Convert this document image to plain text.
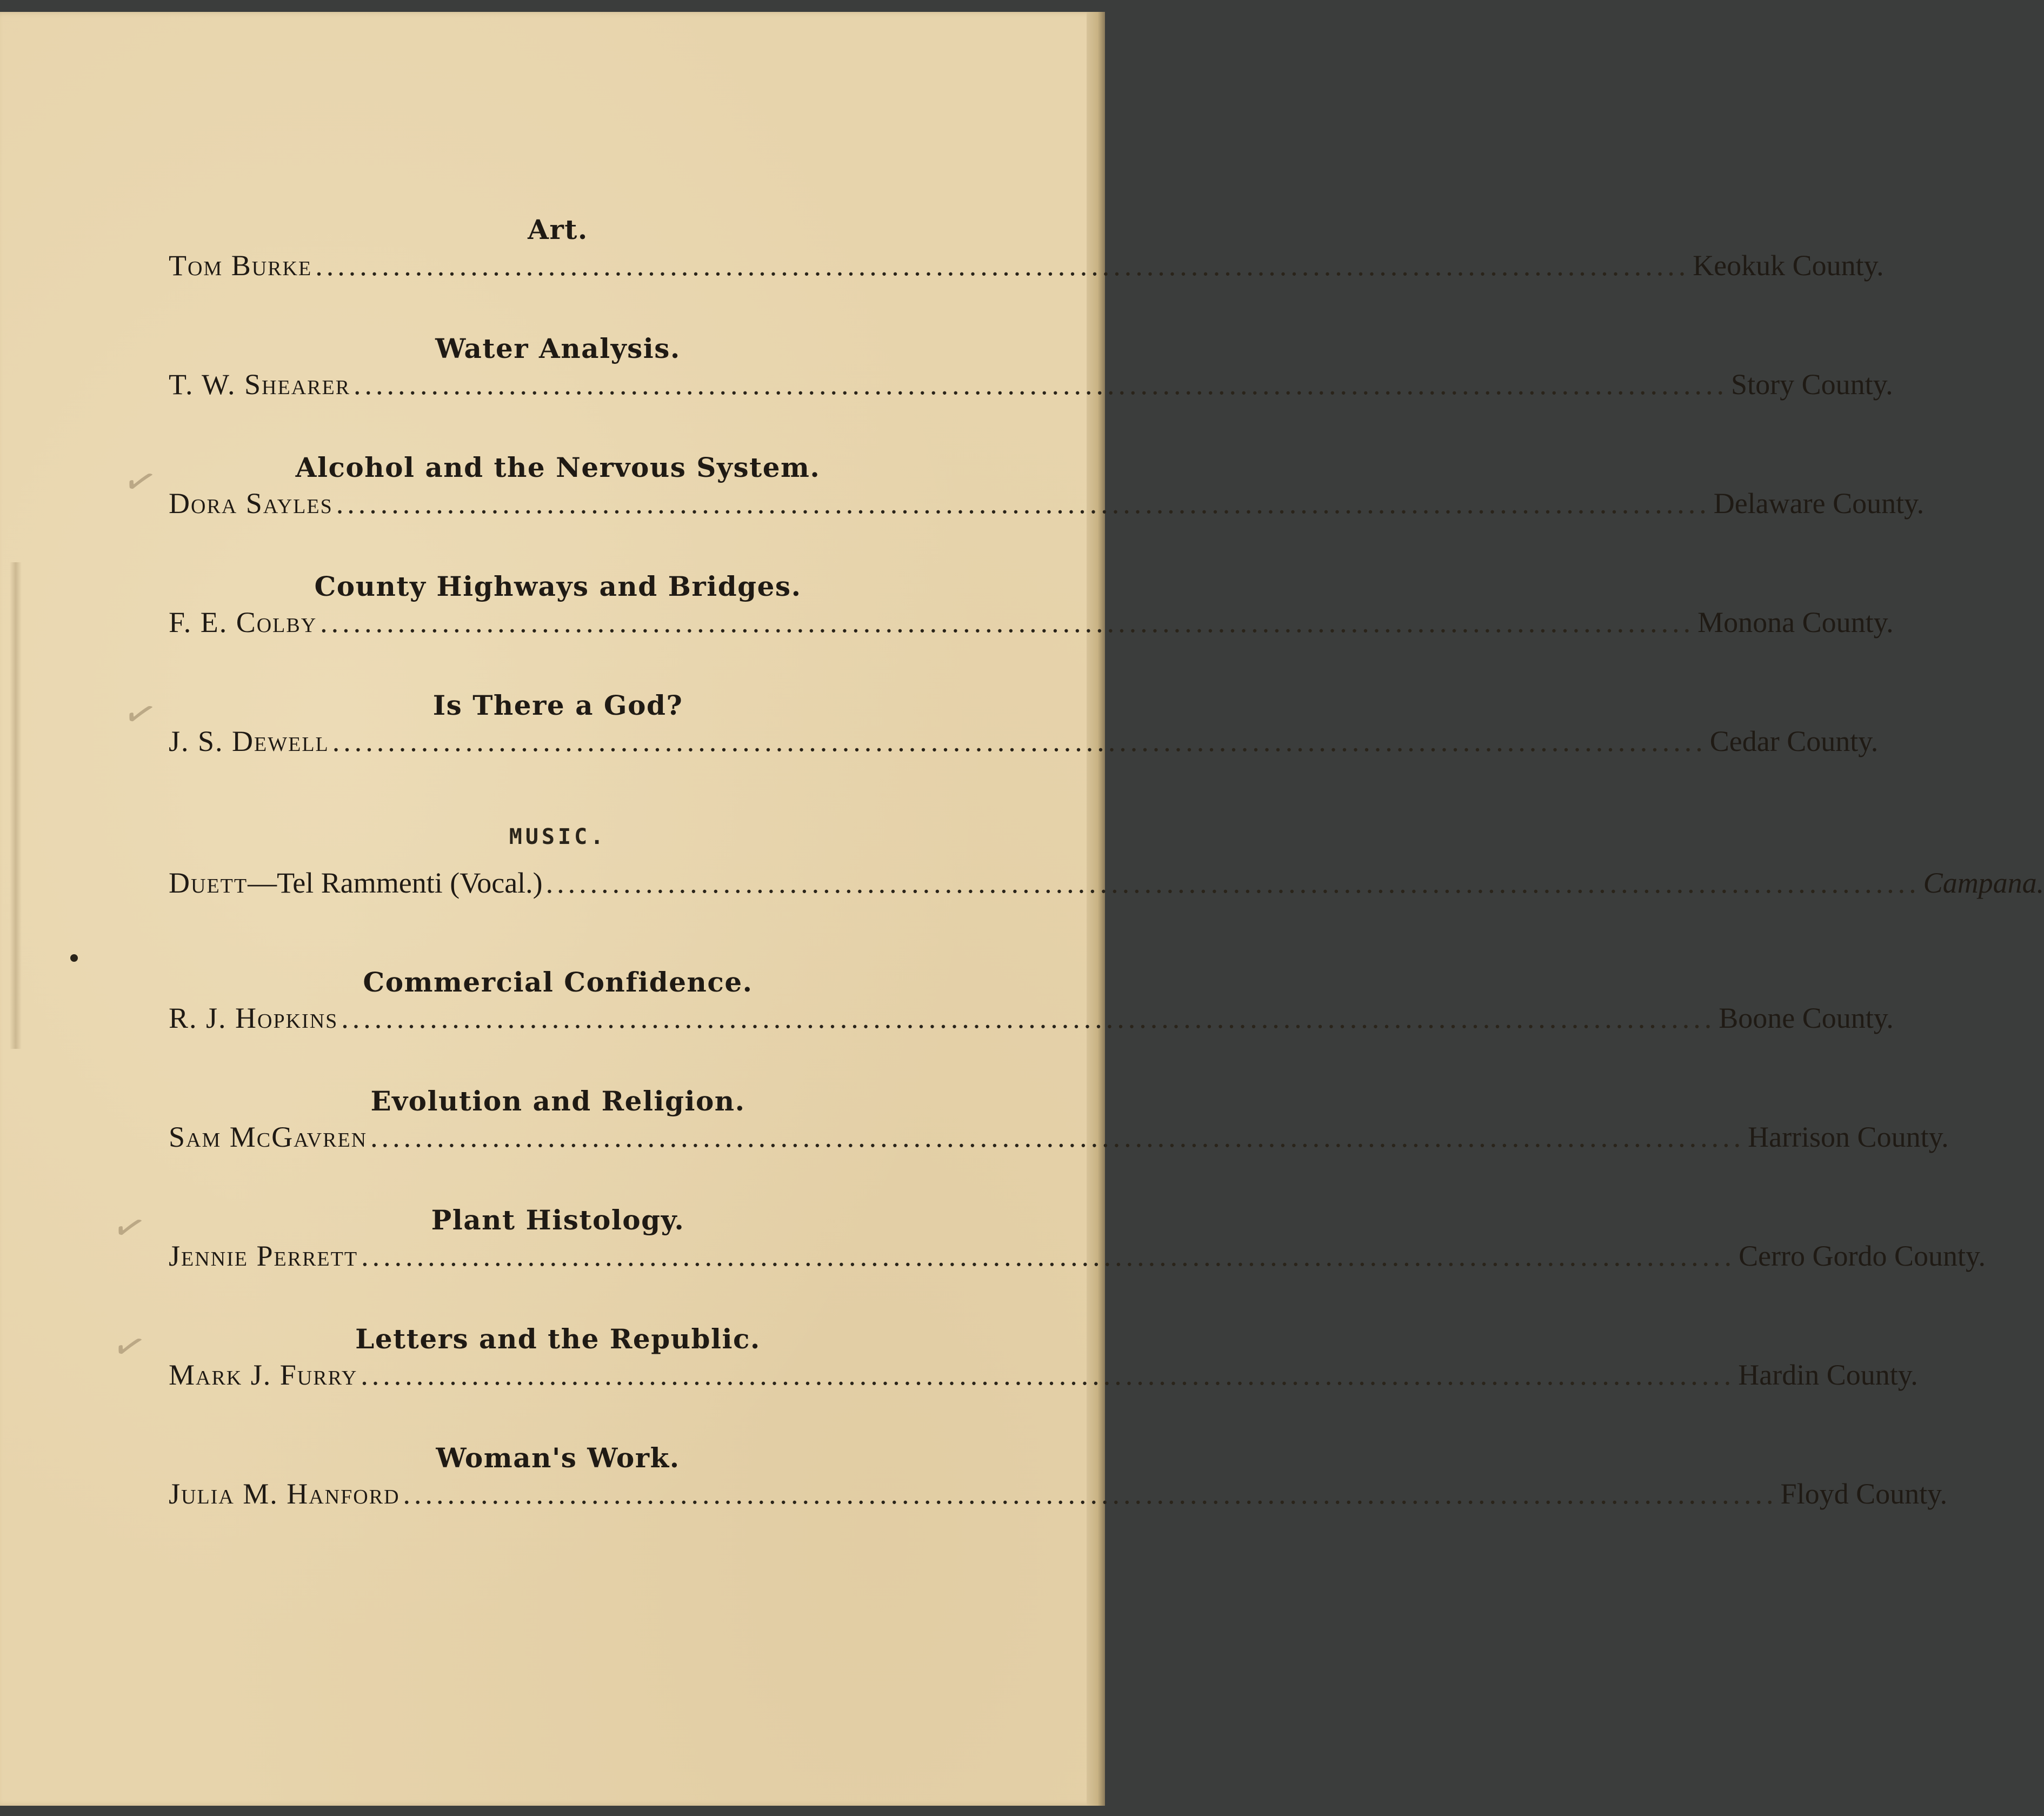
✓
✓
✓
✓
Art.
Tom Burke ............................................................................................................................ Keokuk County.
Water Analysis.
T. W. Shearer ............................................................................................................................ Story County.
Alcohol and the Nervous System.
Dora Sayles ............................................................................................................................ Delaware County.
County Highways and Bridges.
F. E. Colby ............................................................................................................................ Monona County.
Is There a God?
J. S. Dewell ............................................................................................................................ Cedar County.
MUSIC.
Duett —Tel Rammenti (Vocal.) ............................................................................................................................ Campana.
Commercial Confidence.
R. J. Hopkins ............................................................................................................................ Boone County.
Evolution and Religion.
Sam McGavren ............................................................................................................................ Harrison County.
Plant Histology.
Jennie Perrett ............................................................................................................................ Cerro Gordo County.
Letters and the Republic.
Mark J. Furry ............................................................................................................................ Hardin County.
Woman's Work.
Julia M. Hanford ............................................................................................................................ Floyd County.
